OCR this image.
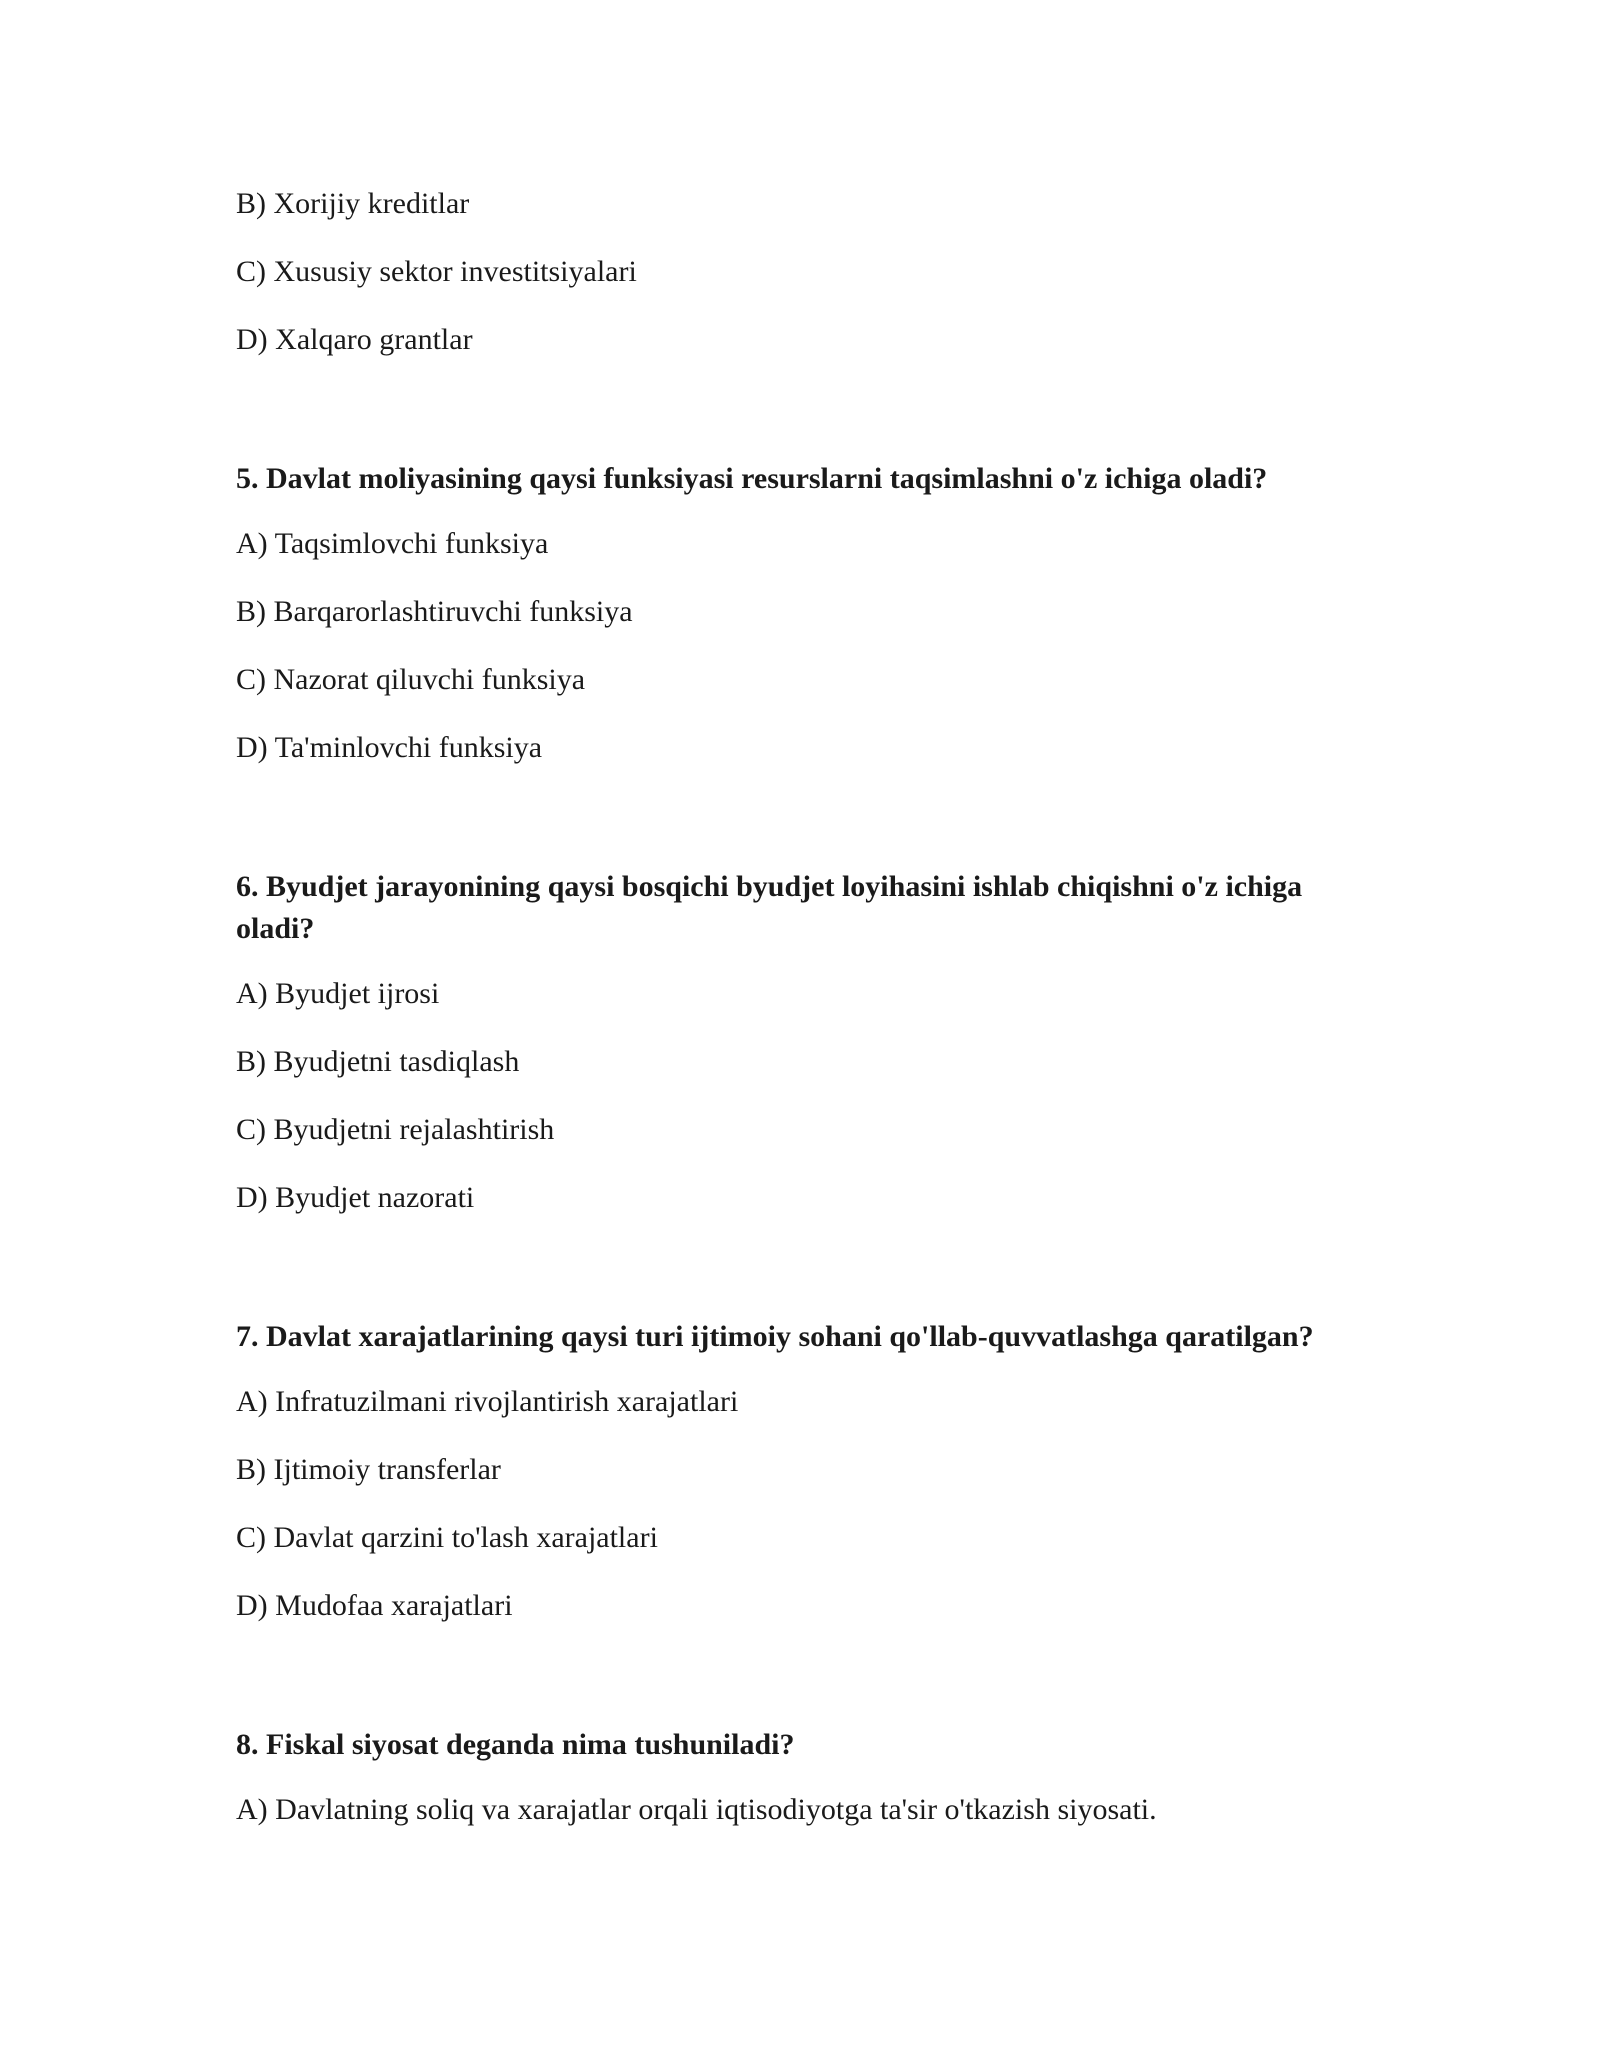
B) Xorijiy kreditlar
C) Xususiy sektor investitsiyalari
D) Xalqaro grantlar
5. Davlat moliyasining qaysi funksiyasi resurslarni taqsimlashni o'z ichiga oladi?
A) Taqsimlovchi funksiya
B) Barqarorlashtiruvchi funksiya
C) Nazorat qiluvchi funksiya
D) Ta'minlovchi funksiya
6. Byudjet jarayonining qaysi bosqichi byudjet loyihasini ishlab chiqishni o'z ichiga oladi?
A) Byudjet ijrosi
B) Byudjetni tasdiqlash
C) Byudjetni rejalashtirish
D) Byudjet nazorati
7. Davlat xarajatlarining qaysi turi ijtimoiy sohani qo'llab-quvvatlashga qaratilgan?
A) Infratuzilmani rivojlantirish xarajatlari
B) Ijtimoiy transferlar
C) Davlat qarzini to'lash xarajatlari
D) Mudofaa xarajatlari
8. Fiskal siyosat deganda nima tushuniladi?
A) Davlatning soliq va xarajatlar orqali iqtisodiyotga ta'sir o'tkazish siyosati.
